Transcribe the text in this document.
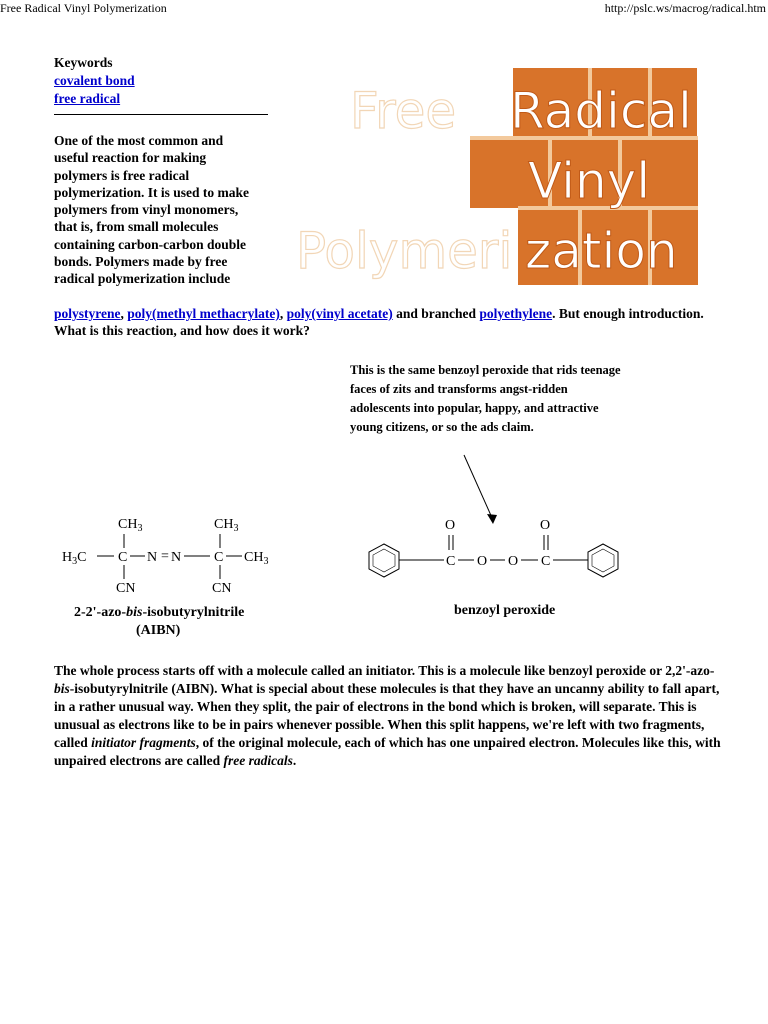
Free Radical Vinyl Polymerization	http://pslc.ws/macrog/radical.htm
Keywords
covalent bond
free radical
One of the most common and useful reaction for making polymers is free radical polymerization. It is used to make polymers from vinyl monomers, that is, from small molecules containing carbon-carbon double bonds. Polymers made by free radical polymerization include
polystyrene, poly(methyl methacrylate), poly(vinyl acetate) and branched polyethylene. But enough introduction. What is this reaction, and how does it work?
Free Radical
Vinyl
Polymeri zation
This is the same benzoyl peroxide that rids teenage faces of zits and transforms angst-ridden adolescents into popular, happy, and attractive young citizens, or so the ads claim.
$CH_3$	$CH_3$
$H_3C$ C N = N C $CH_3$
CN	CN
2-2'-azo-bis-isobutyrylnitrile
(AIBN)
O
C O O
O
C
benzoyl peroxide
The whole process starts off with a molecule called an initiator. This is a molecule like benzoyl peroxide or 2,2'-azo-bis-isobutyrylnitrile (AIBN). What is special about these molecules is that they have an uncanny ability to fall apart, in a rather unusual way. When they split, the pair of electrons in the bond which is broken, will separate. This is unusual as electrons like to be in pairs whenever possible. When this split happens, we're left with two fragments, called initiator fragments, of the original molecule, each of which has one unpaired electron. Molecules like this, with unpaired electrons are called free radicals.
